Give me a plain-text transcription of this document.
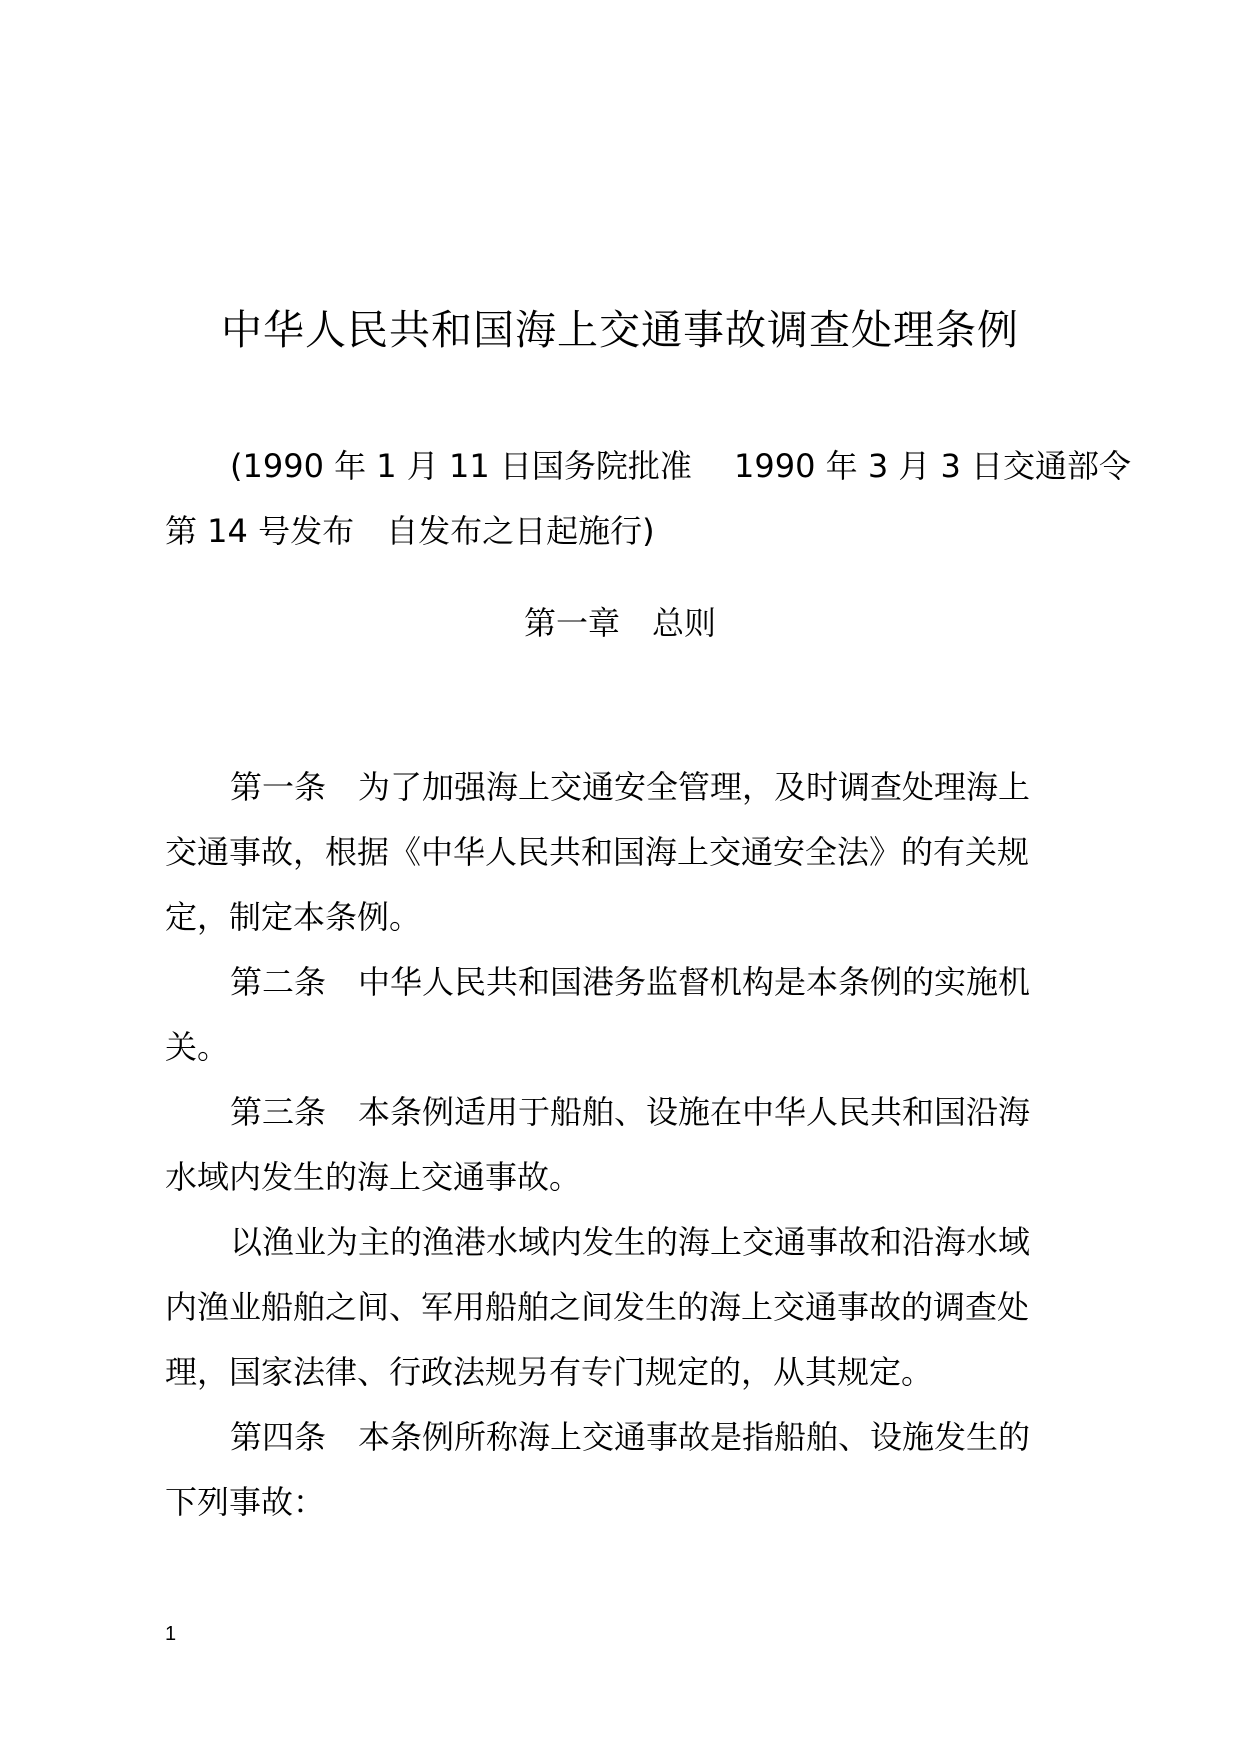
中华人民共和国海上交通事故调查处理条例
(1990 年 1 月 11 日国务院批准　 1990 年 3 月 3 日交通部令
第 14 号发布　自发布之日起施行)
第一章　总则
第一条　为了加强海上交通安全管理，及时调查处理海上
交通事故，根据《中华人民共和国海上交通安全法》的有关规
定，制定本条例。
第二条　中华人民共和国港务监督机构是本条例的实施机
关。
第三条　本条例适用于船舶、设施在中华人民共和国沿海
水域内发生的海上交通事故。
以渔业为主的渔港水域内发生的海上交通事故和沿海水域
内渔业船舶之间、军用船舶之间发生的海上交通事故的调查处
理，国家法律、行政法规另有专门规定的，从其规定。
第四条　本条例所称海上交通事故是指船舶、设施发生的
下列事故：
1
